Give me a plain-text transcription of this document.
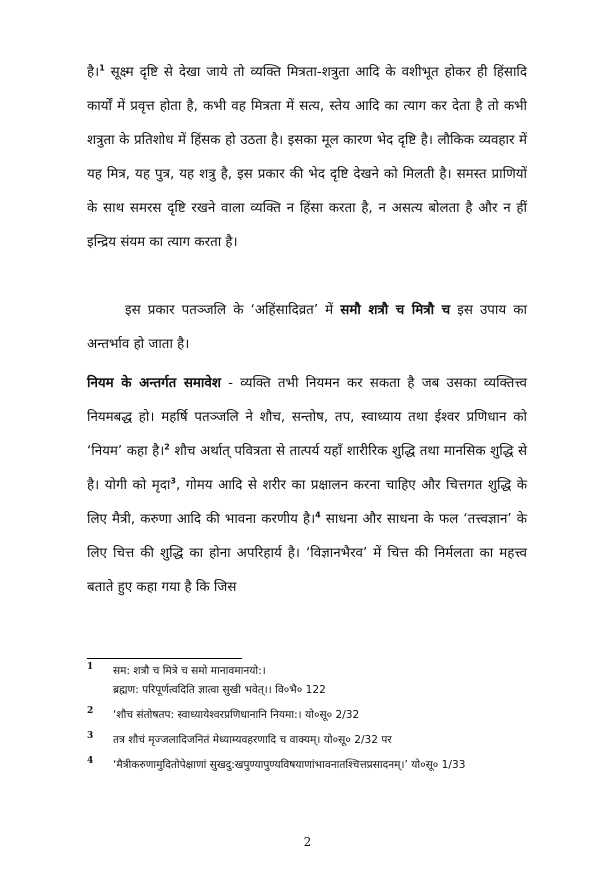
है।$^1$ सूक्ष्म दृष्टि से देखा जाये तो व्यक्ति मित्रता-शत्रुता आदि के वशीभूत होकर ही हिंसादि कार्यों में प्रवृत्त होता है, कभी वह मित्रता में सत्य, स्तेय आदि का त्याग कर देता है तो कभी शत्रुता के प्रतिशोध में हिंसक हो उठता है। इसका मूल कारण भेद दृष्टि है। लौकिक व्यवहार में यह मित्र, यह पुत्र, यह शत्रु है, इस प्रकार की भेद दृष्टि देखने को मिलती है। समस्त प्राणियों के साथ समरस दृष्टि रखने वाला व्यक्ति न हिंसा करता है, न असत्य बोलता है और न हीं इन्द्रिय संयम का त्याग करता है।
इस प्रकार पतञ्जलि के ‘अहिंसादिव्रत’ में समौ शत्रौ च मित्रौ च इस उपाय का अन्तर्भाव हो जाता है।
नियम के अन्तर्गत समावेश - व्यक्ति तभी नियमन कर सकता है जब उसका व्यक्तित्त्व नियमबद्ध हो। महर्षि पतञ्जलि ने शौच, सन्तोष, तप, स्वाध्याय तथा ईश्वर प्रणिधान को ‘नियम’ कहा है।$^2$ शौच अर्थात् पवित्रता से तात्पर्य यहाँ शारीरिक शुद्धि तथा मानसिक शुद्धि से है। योगी को मृदा$^3$, गोमय आदि से शरीर का प्रक्षालन करना चाहिए और चित्तगत शुद्धि के लिए मैत्री, करुणा आदि की भावना करणीय है।$^4$ साधना और साधना के फल ‘तत्त्वज्ञान’ के लिए चित्त की शुद्धि का होना अपरिहार्य है। ‘विज्ञानभैरव’ में चित्त की निर्मलता का महत्त्व बताते हुए कहा गया है कि जिस
1 सम: शत्रौ च मित्रे च समो मानावमानयो:।
ब्रह्मण: परिपूर्णत्वदिति ज्ञात्वा सुखी भवेत्।। वि०भै० 122
2 ‘शौच संतोषतप: स्वाध्यायेश्वरप्रणिधानानि नियमा:। यो०सू० 2/32
3 तत्र शौचं मृज्जलादिजनितं मेध्याम्यवहरणादि च वाक्यम्। यो०सू० 2/32 पर
4 ‘मैत्रीकरुणामुदितोपेक्षाणां सुखदु:खपुण्यापुण्यविषयाणांभावनातश्चित्तप्रसादनम्।’ यो०सू० 1/33
2
